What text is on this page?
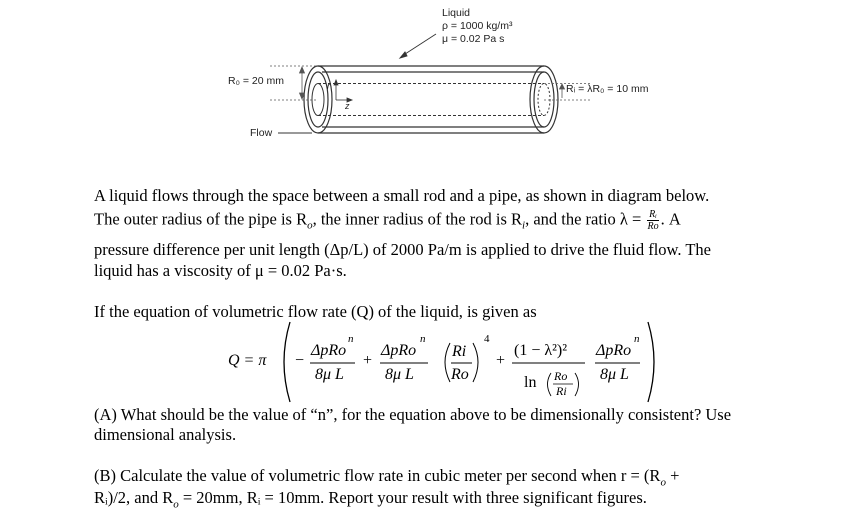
Liquid
ρ = 1000 kg/m³
μ = 0.02 Pa s
R₀ = 20 mm
Rᵢ = λR₀ = 10 mm
Flow
r
z
A liquid flows through the space between a small rod and a pipe, as shown in diagram below.
The outer radius of the pipe is $R_o$, the inner radius of the rod is $R_i$, and the ratio $\lambda = \frac{\text{Rᵢ}}{Ro}$ . A
pressure difference per unit length (Δp/L) of 2000 Pa/m is applied to drive the fluid flow. The
liquid has a viscosity of μ = 0.02 Pa·s.
If the equation of volumetric flow rate (Q) of the liquid, is given as
Q = π −
ΔpRo
n
8μ L
+
ΔpRo
n
8μ L
Ri
Ro
4
+
(1 − λ²)²
ln Ro
Ri
ΔpRo
n
8μ L
(A) What should be the value of “n”, for the equation above to be dimensionally consistent? Use
dimensional analysis.
(B) Calculate the value of volumetric flow rate in cubic meter per second when $r = (R_o$ +
Rᵢ)/2, and $R_o = 20mm$, Rᵢ = 10mm. Report your result with three significant figures.
